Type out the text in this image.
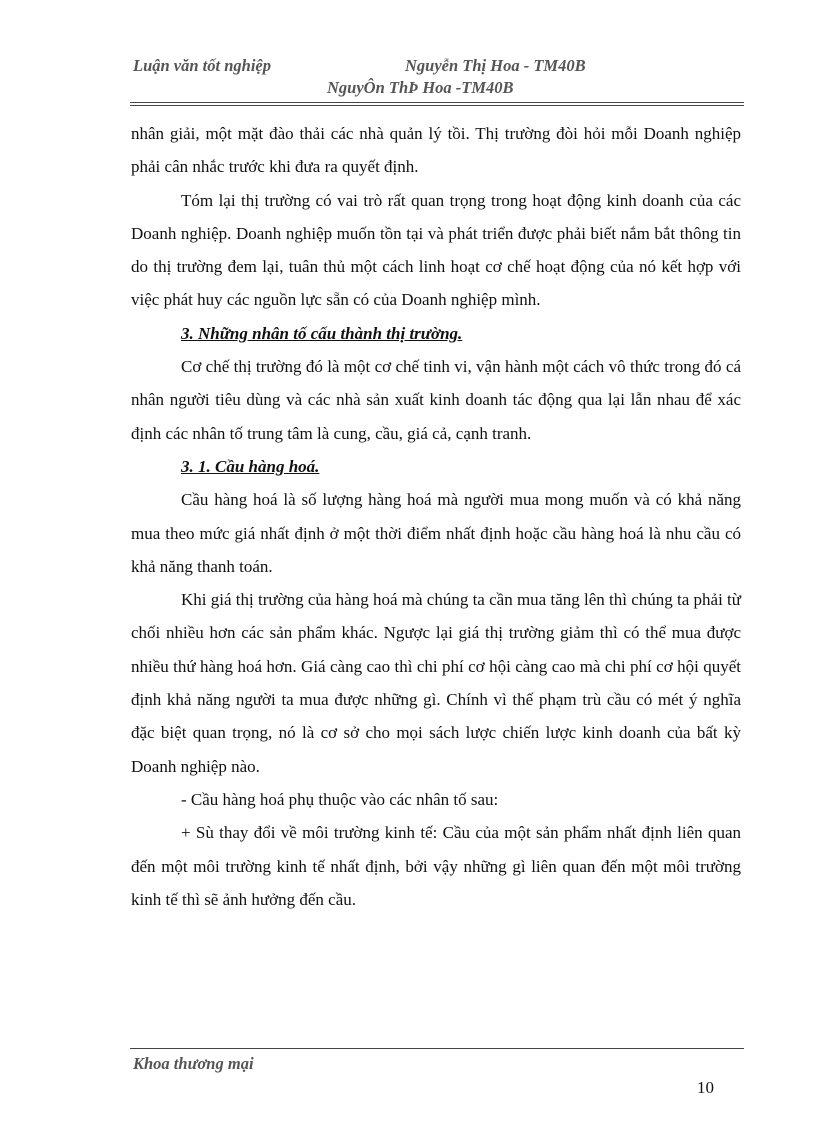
Luận văn tốt nghiệp	Nguyễn Thị Hoa - TM40B
NguyÔn ThÞ Hoa -TM40B

nhân giải, một mặt đào thải các nhà quản lý tồi. Thị trường đòi hỏi mỗi Doanh nghiệp phải cân nhắc trước khi đưa ra quyết định.

Tóm lại thị trường có vai trò rất quan trọng trong hoạt động kinh doanh của các Doanh nghiệp. Doanh nghiệp muốn tồn tại và phát triển được phải biết nắm bắt thông tin do thị trường đem lại, tuân thủ một cách linh hoạt cơ chế hoạt động của nó kết hợp với việc phát huy các nguồn lực sẵn có của Doanh nghiệp mình.

3. Những nhân tố cấu thành thị trường.

Cơ chế thị trường đó là một cơ chế tinh vi, vận hành một cách vô thức trong đó cá nhân người tiêu dùng và các nhà sản xuất kinh doanh tác động qua lại lẫn nhau để xác định các nhân tố trung tâm là cung, cầu, giá cả, cạnh tranh.

3. 1. Cầu hàng hoá.

Cầu hàng hoá là số lượng hàng hoá mà người mua mong muốn và có khả năng mua theo mức giá nhất định ở một thời điểm nhất định hoặc cầu hàng hoá là nhu cầu có khả năng thanh toán.

Khi giá thị trường của hàng hoá mà chúng ta cần mua tăng lên thì chúng ta phải từ chối nhiều hơn các sản phẩm khác. Ngược lại giá thị trường giảm thì có thể mua được nhiều thứ hàng hoá hơn. Giá càng cao thì chi phí cơ hội càng cao mà chi phí cơ hội quyết định khả năng người ta mua được những gì. Chính vì thế phạm trù cầu có mét ý nghĩa đặc biệt quan trọng, nó là cơ sở cho mọi sách lược chiến lược kinh doanh của bất kỳ Doanh nghiệp nào.

- Cầu hàng hoá phụ thuộc vào các nhân tố sau:

+ Sù thay đổi về môi trường kinh tế: Cầu của một sản phẩm nhất định liên quan đến một môi trường kinh tế nhất định, bởi vậy những gì liên quan đến một môi trường kinh tế thì sẽ ảnh hưởng đến cầu.

Khoa thương mại
10
